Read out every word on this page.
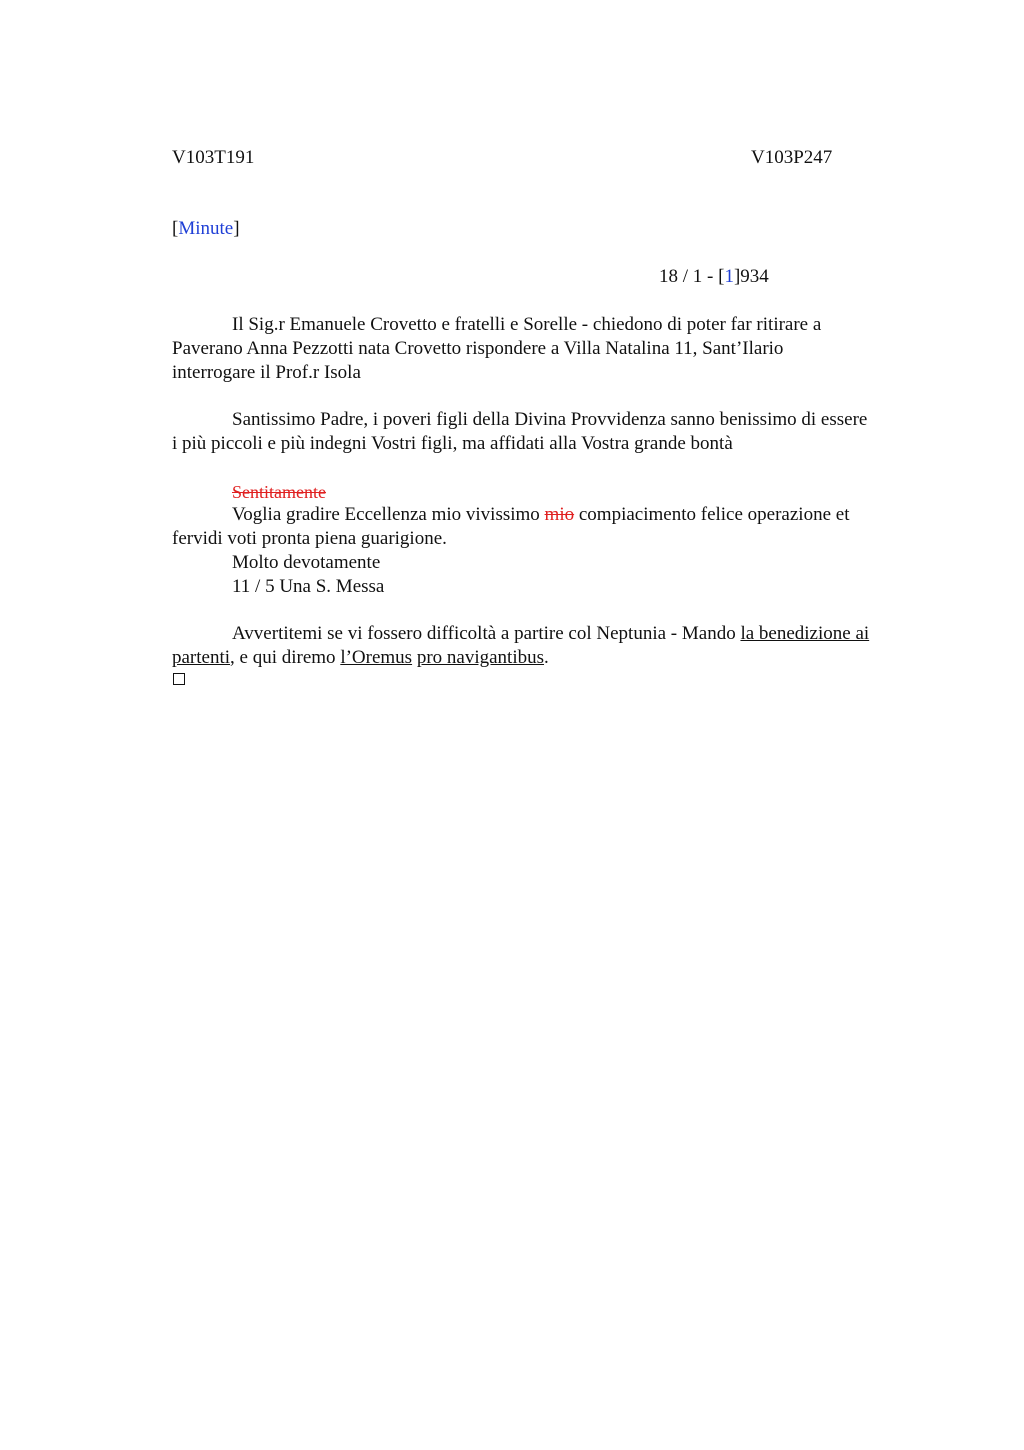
V103T191	V103P247
[Minute]
18 / 1 - [1]934
Il Sig.r Emanuele Crovetto e fratelli e Sorelle - chiedono di poter far ritirare a
Paverano Anna Pezzotti nata Crovetto rispondere a Villa Natalina 11, Sant’Ilario
interrogare il Prof.r Isola
Santissimo Padre, i poveri figli della Divina Provvidenza sanno benissimo di essere
i più piccoli e più indegni Vostri figli, ma affidati alla Vostra grande bontà
Sentitamente
Voglia gradire Eccellenza mio vivissimo mio compiacimento felice operazione et
fervidi voti pronta piena guarigione.
Molto devotamente
11 / 5 Una S. Messa
Avvertitemi se vi fossero difficoltà a partire col Neptunia - Mando la benedizione ai
partenti, e qui diremo l’Oremus pro navigantibus.
